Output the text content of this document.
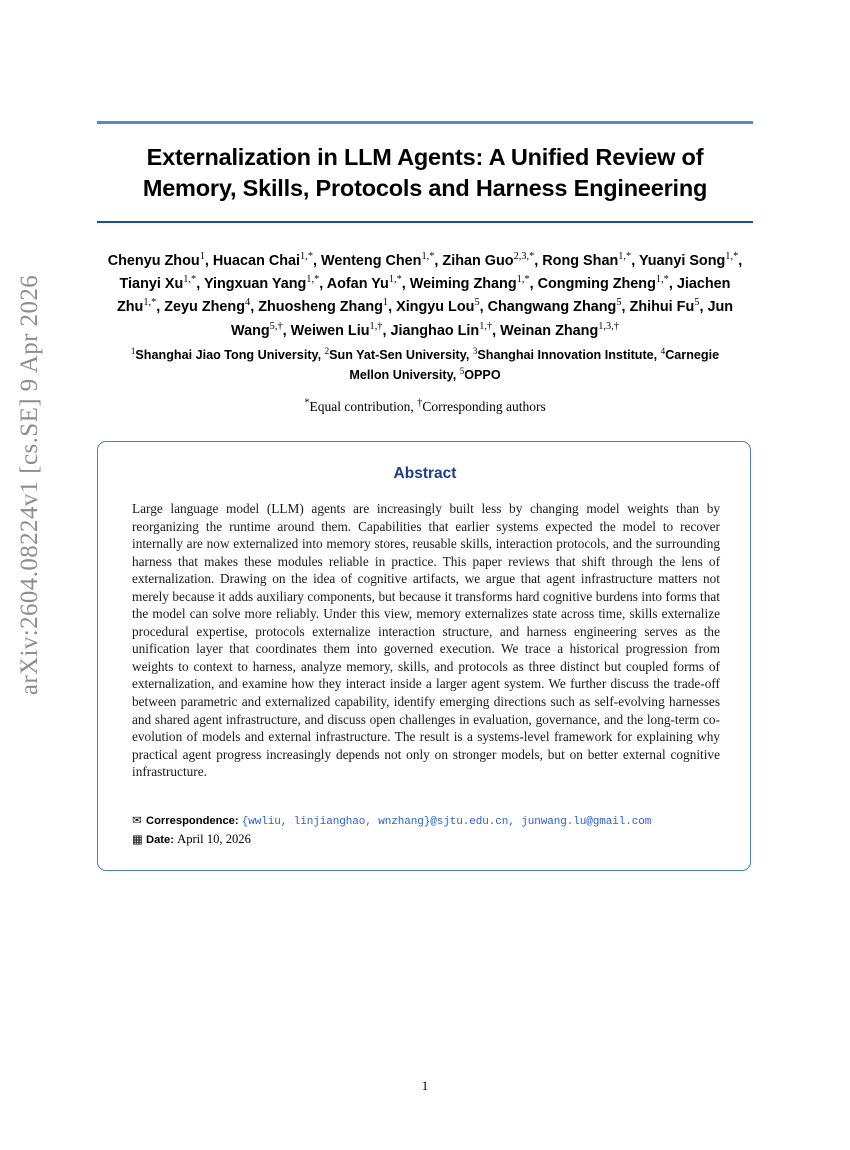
arXiv:2604.08224v1 [cs.SE] 9 Apr 2026
Externalization in LLM Agents: A Unified Review of Memory, Skills, Protocols and Harness Engineering
Chenyu Zhou$^1$, Huacan Chai$^{1,*}$, Wenteng Chen$^{1,*}$, Zihan Guo$^{2,3,*}$, Rong Shan$^{1,*}$, Yuanyi Song$^{1,*}$, Tianyi $Xu^{1,*}$, Yingxuan Yang$^{1,*}$, Aofan $Yu^{1,*}$, Weiming Zhang$^{1,*}$, Congming Zheng$^{1,*}$, Jiachen Zhu$^{1,*}$, Zeyu Zheng$^4$, Zhuosheng Zhang$^1$, Xingyu Lou$^5$, Changwang Zhang$^5$, Zhihui Fu$^5$, Jun Wang$^{5,\dagger}$, Weiwen Liu$^{1,\dagger}$, Jianghao Lin$^{1,\dagger}$, Weinan Zhang$^{1,3,\dagger}$
$^1$Shanghai Jiao Tong University, $^2$Sun Yat-Sen University, $^3$Shanghai Innovation Institute, $^4$Carnegie Mellon University, $^5$OPPO
*Equal contribution, †Corresponding authors
Abstract
Large language model (LLM) agents are increasingly built less by changing model weights than by reorganizing the runtime around them. Capabilities that earlier systems expected the model to recover internally are now externalized into memory stores, reusable skills, interaction protocols, and the surrounding harness that makes these modules reliable in practice. This paper reviews that shift through the lens of externalization. Drawing on the idea of cognitive artifacts, we argue that agent infrastructure matters not merely because it adds auxiliary components, but because it transforms hard cognitive burdens into forms that the model can solve more reliably. Under this view, memory externalizes state across time, skills externalize procedural expertise, protocols externalize interaction structure, and harness engineering serves as the unification layer that coordinates them into governed execution. We trace a historical progression from weights to context to harness, analyze memory, skills, and protocols as three distinct but coupled forms of externalization, and examine how they interact inside a larger agent system. We further discuss the trade-off between parametric and externalized capability, identify emerging directions such as self-evolving harnesses and shared agent infrastructure, and discuss open challenges in evaluation, governance, and the long-term co-evolution of models and external infrastructure. The result is a systems-level framework for explaining why practical agent progress increasingly depends not only on stronger models, but on better external cognitive infrastructure.
✉ Correspondence: {wwliu, linjianghao, wnzhang}@sjtu.edu.cn, junwang.lu@gmail.com
▦ Date: April 10, 2026
1
